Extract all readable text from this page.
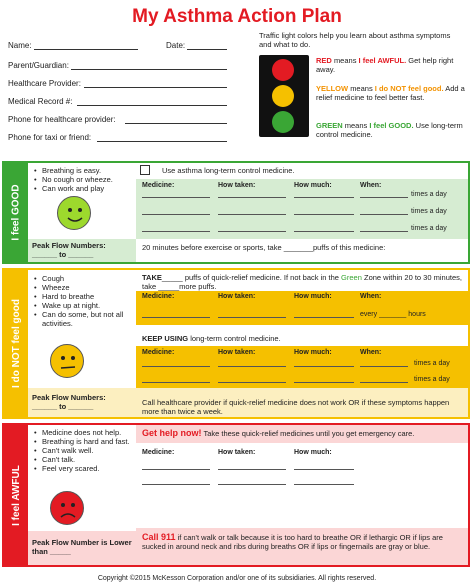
My Asthma Action Plan
Name:	Date:
Parent/Guardian:
Healthcare Provider:
Medical Record #:
Phone for healthcare provider:
Phone for taxi or friend:
Traffic light colors help you learn about asthma symptoms and what to do.
RED means I feel AWFUL. Get help right away.
YELLOW means I do NOT feel good. Add a relief medicine to feel better fast.
GREEN means I feel GOOD. Use long-term control medicine.
I feel GOOD
• Breathing is easy.
• No cough or wheeze.
• Can work and play
Peak Flow Numbers:
______ to ______
Use asthma long-term control medicine.
Medicine:	How taken:	How much:	When:
times a day
times a day
times a day
20 minutes before exercise or sports, take _______puffs of this medicine:
I do NOT feel good
• Cough
• Wheeze
• Hard to breathe
• Wake up at night.
• Can do some, but not all activities.
Peak Flow Numbers:
______ to ______
TAKE_____ puffs of quick-relief medicine. If not back in the Green Zone within 20 to 30 minutes, take _____more puffs.
Medicine:	How taken:	How much:	When:
every _______ hours
KEEP USING long-term control medicine.
Medicine:	How taken:	How much:	When:
times a day
times a day
Call healthcare provider if quick-relief medicine does not work OR if these symptoms happen more than twice a week.
I feel AWFUL
• Medicine does not help.
• Breathing is hard and fast.
• Can't walk well.
• Can't talk.
• Feel very scared.
Peak Flow Number is Lower than _____
Get help now! Take these quick-relief medicines until you get emergency care.
Medicine:	How taken:	How much:
Call 911 if can't walk or talk because it is too hard to breathe OR if lethargic OR if lips are sucked in around neck and ribs during breaths OR if lips or fingernails are gray or blue.
Copyright ©2015 McKesson Corporation and/or one of its subsidiaries. All rights reserved.
